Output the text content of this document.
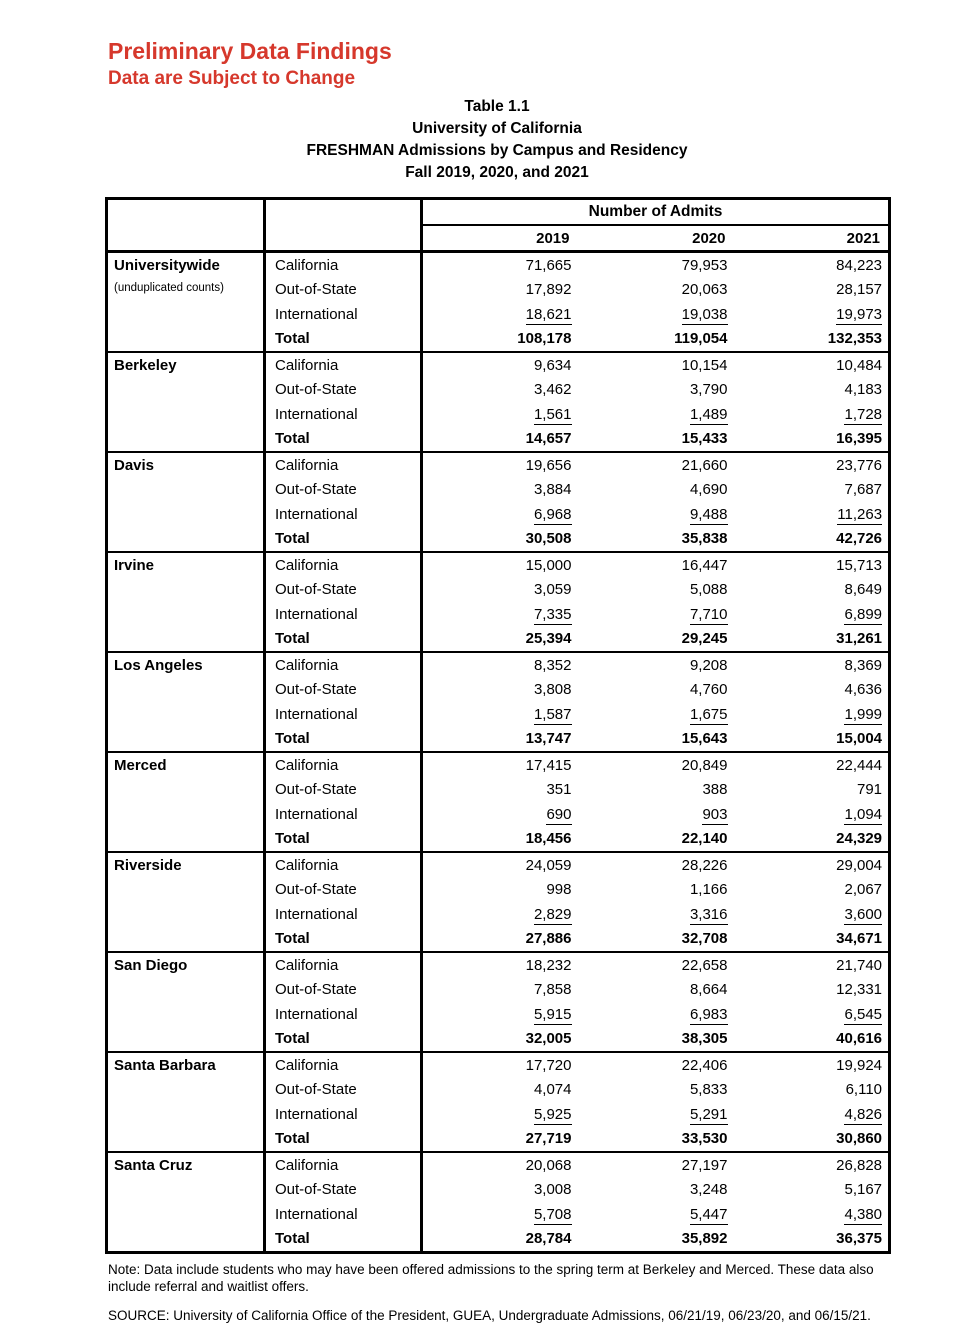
Preliminary Data Findings
Data are Subject to Change
Table 1.1
University of California
FRESHMAN Admissions by Campus and Residency
Fall 2019, 2020, and 2021
		Number of Admits		
		2019	2020	2021

Universitywide
(unduplicated counts)	California	71,665	79,953	84,223
	Out-of-State	17,892	20,063	28,157
	International	18,621	19,038	19,973
	Total	108,178	119,054	132,353

Berkeley	California	9,634	10,154	10,484
	Out-of-State	3,462	3,790	4,183
	International	1,561	1,489	1,728
	Total	14,657	15,433	16,395

Davis	California	19,656	21,660	23,776
	Out-of-State	3,884	4,690	7,687
	International	6,968	9,488	11,263
	Total	30,508	35,838	42,726

Irvine	California	15,000	16,447	15,713
	Out-of-State	3,059	5,088	8,649
	International	7,335	7,710	6,899
	Total	25,394	29,245	31,261

Los Angeles	California	8,352	9,208	8,369
	Out-of-State	3,808	4,760	4,636
	International	1,587	1,675	1,999
	Total	13,747	15,643	15,004

Merced	California	17,415	20,849	22,444
	Out-of-State	351	388	791
	International	690	903	1,094
	Total	18,456	22,140	24,329

Riverside	California	24,059	28,226	29,004
	Out-of-State	998	1,166	2,067
	International	2,829	3,316	3,600
	Total	27,886	32,708	34,671

San Diego	California	18,232	22,658	21,740
	Out-of-State	7,858	8,664	12,331
	International	5,915	6,983	6,545
	Total	32,005	38,305	40,616

Santa Barbara	California	17,720	22,406	19,924
	Out-of-State	4,074	5,833	6,110
	International	5,925	5,291	4,826
	Total	27,719	33,530	30,860

Santa Cruz	California	20,068	27,197	26,828
	Out-of-State	3,008	3,248	5,167
	International	5,708	5,447	4,380
	Total	28,784	35,892	36,375

Note: Data include students who may have been offered admissions to the spring term at Berkeley and Merced. These data also include referral and waitlist offers.

SOURCE: University of California Office of the President, GUEA, Undergraduate Admissions, 06/21/19, 06/23/20, and 06/15/21.
